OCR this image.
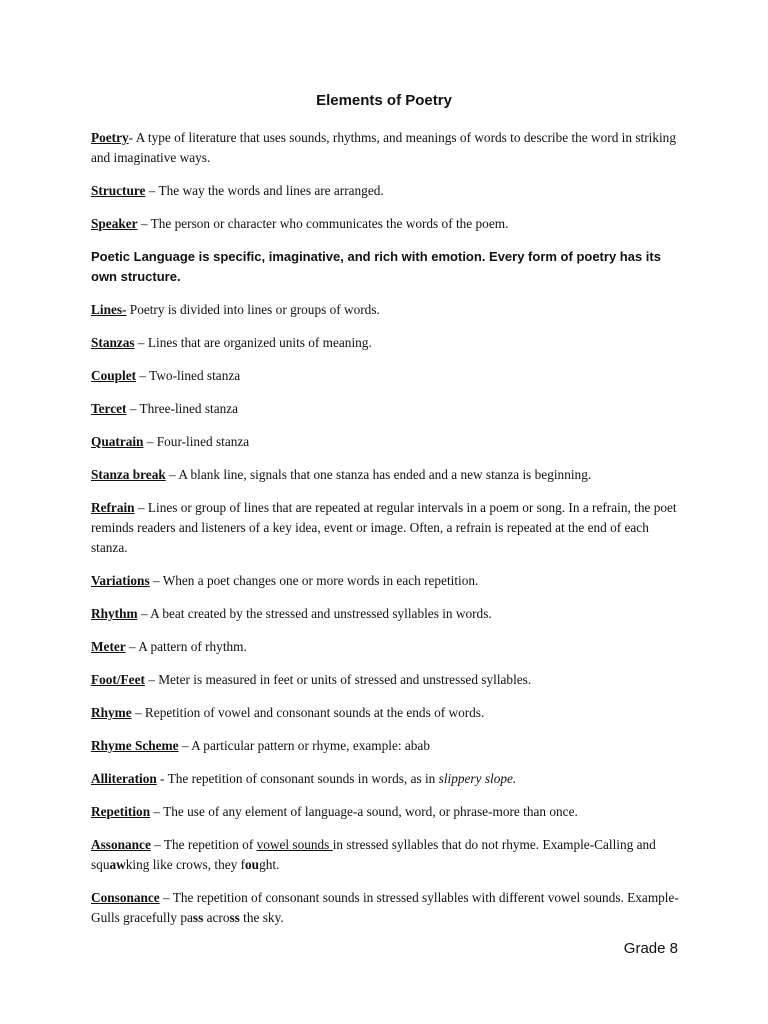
Elements of Poetry
Poetry- A type of literature that uses sounds, rhythms, and meanings of words to describe the word in striking and imaginative ways.
Structure – The way the words and lines are arranged.
Speaker – The person or character who communicates the words of the poem.
Poetic Language is specific, imaginative, and rich with emotion. Every form of poetry has its own structure.
Lines- Poetry is divided into lines or groups of words.
Stanzas – Lines that are organized units of meaning.
Couplet – Two-lined stanza
Tercet – Three-lined stanza
Quatrain – Four-lined stanza
Stanza break – A blank line, signals that one stanza has ended and a new stanza is beginning.
Refrain – Lines or group of lines that are repeated at regular intervals in a poem or song. In a refrain, the poet reminds readers and listeners of a key idea, event or image. Often, a refrain is repeated at the end of each stanza.
Variations – When a poet changes one or more words in each repetition.
Rhythm – A beat created by the stressed and unstressed syllables in words.
Meter – A pattern of rhythm.
Foot/Feet – Meter is measured in feet or units of stressed and unstressed syllables.
Rhyme – Repetition of vowel and consonant sounds at the ends of words.
Rhyme Scheme – A particular pattern or rhyme, example: abab
Alliteration - The repetition of consonant sounds in words, as in slippery slope.
Repetition – The use of any element of language-a sound, word, or phrase-more than once.
Assonance – The repetition of vowel sounds in stressed syllables that do not rhyme. Example-Calling and squawking like crows, they fought.
Consonance – The repetition of consonant sounds in stressed syllables with different vowel sounds. Example-Gulls gracefully pass across the sky.
Grade 8
